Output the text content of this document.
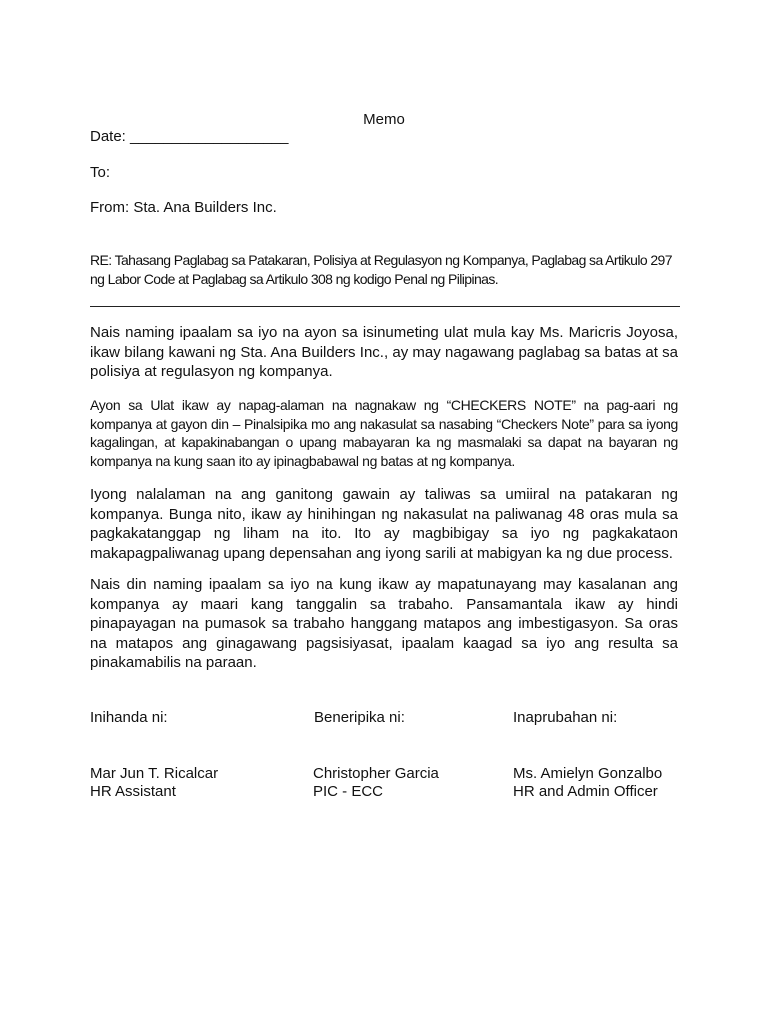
Memo

Date: ___________________

To:

From: Sta. Ana Builders Inc.

RE: Tahasang Paglabag sa Patakaran, Polisiya at Regulasyon ng Kompanya, Paglabag sa Artikulo 297 ng Labor Code at Paglabag sa Artikulo 308 ng kodigo Penal ng Pilipinas.

Nais naming ipaalam sa iyo na ayon sa isinumeting ulat mula kay Ms. Maricris Joyosa, ikaw bilang kawani ng Sta. Ana Builders Inc., ay may nagawang paglabag sa batas at sa polisiya at regulasyon ng kompanya.

Ayon sa Ulat ikaw ay napag-alaman na nagnakaw ng “CHECKERS NOTE” na pag-aari ng kompanya at gayon din – Pinalsipika mo ang nakasulat sa nasabing “Checkers Note” para sa iyong kagalingan, at kapakinabangan o upang mabayaran ka ng masmalaki sa dapat na bayaran ng kompanya na kung saan ito ay ipinagbabawal ng batas at ng kompanya.

Iyong nalalaman na ang ganitong gawain ay taliwas sa umiiral na patakaran ng kompanya. Bunga nito, ikaw ay hinihingan ng nakasulat na paliwanag 48 oras mula sa pagkakatanggap ng liham na ito. Ito ay magbibigay sa iyo ng pagkakataon makapagpaliwanag upang depensahan ang iyong sarili at mabigyan ka ng due process.

Nais din naming ipaalam sa iyo na kung ikaw ay mapatunayang may kasalanan ang kompanya ay maari kang tanggalin sa trabaho. Pansamantala ikaw ay hindi pinapayagan na pumasok sa trabaho hanggang matapos ang imbestigasyon. Sa oras na matapos ang ginagawang pagsisiyasat, ipaalam kaagad sa iyo ang resulta sa pinakamabilis na paraan.

Inihanda ni:	Beneripika ni:	Inaprubahan ni:

Mar Jun T. Ricalcar
HR Assistant
Christopher Garcia
PIC - ECC
Ms. Amielyn Gonzalbo
HR and Admin Officer
